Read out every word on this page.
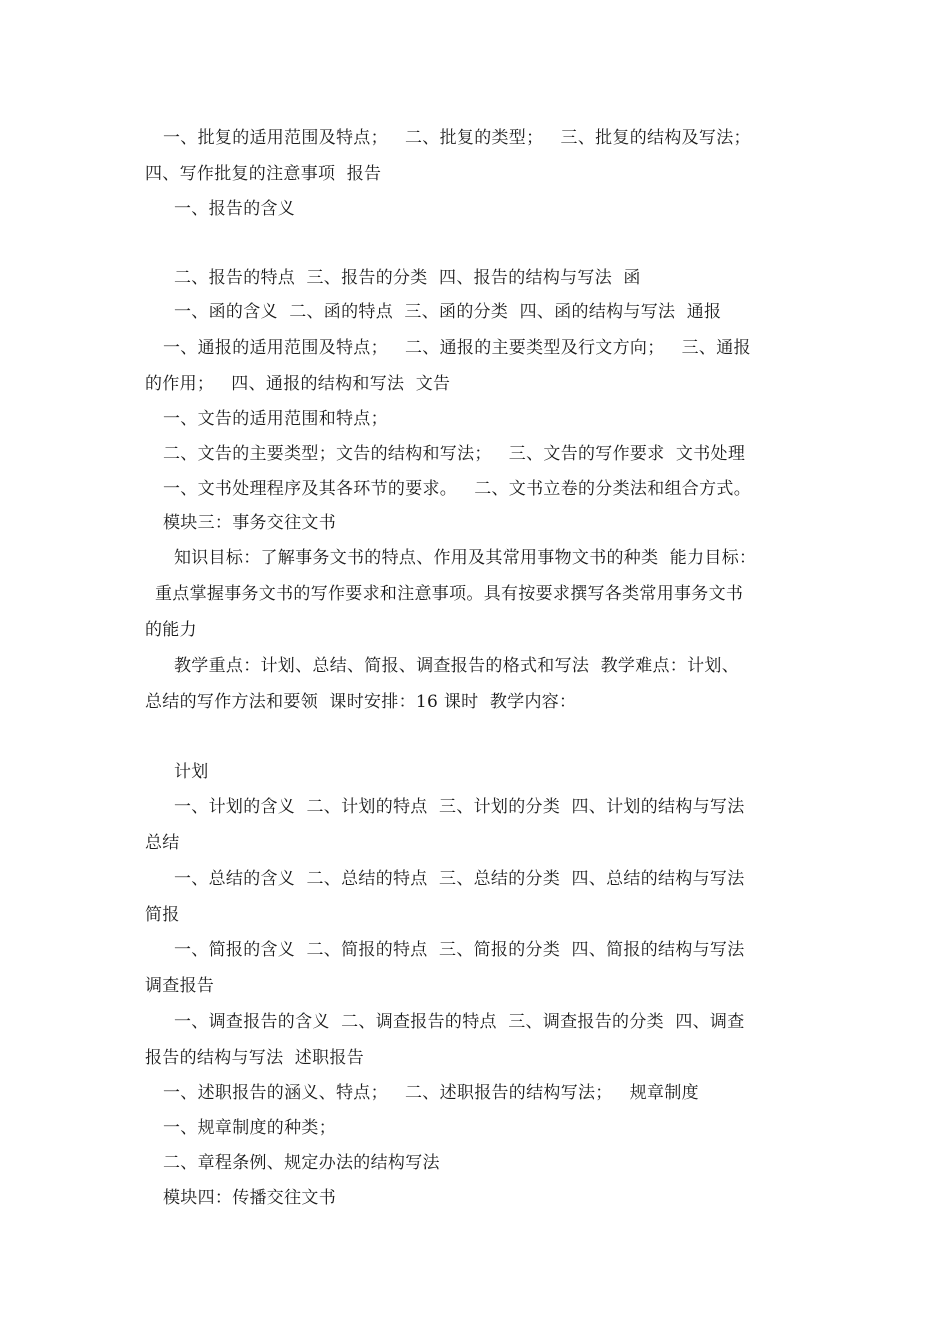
一、批复的适用范围及特点；   二、批复的类型；   三、批复的结构及写法；
四、写作批复的注意事项  报告
一、报告的含义
二、报告的特点  三、报告的分类  四、报告的结构与写法  函
一、函的含义  二、函的特点  三、函的分类  四、函的结构与写法  通报
一、通报的适用范围及特点；   二、通报的主要类型及行文方向；   三、通报
的作用；   四、通报的结构和写法  文告
一、文告的适用范围和特点；
二、文告的主要类型；文告的结构和写法；   三、文告的写作要求  文书处理
一、文书处理程序及其各环节的要求。   二、文书立卷的分类法和组合方式。
模块三：事务交往文书
知识目标：了解事务文书的特点、作用及其常用事物文书的种类  能力目标：
重点掌握事务文书的写作要求和注意事项。具有按要求撰写各类常用事务文书
的能力
教学重点：计划、总结、简报、调查报告的格式和写法  教学难点：计划、
总结的写作方法和要领  课时安排：16 课时  教学内容：
计划
一、计划的含义  二、计划的特点  三、计划的分类  四、计划的结构与写法
总结
一、总结的含义  二、总结的特点  三、总结的分类  四、总结的结构与写法
简报
一、简报的含义  二、简报的特点  三、简报的分类  四、简报的结构与写法
调查报告
一、调查报告的含义  二、调查报告的特点  三、调查报告的分类  四、调查
报告的结构与写法  述职报告
一、述职报告的涵义、特点；   二、述职报告的结构写法；   规章制度
一、规章制度的种类；
二、章程条例、规定办法的结构写法
模块四：传播交往文书
